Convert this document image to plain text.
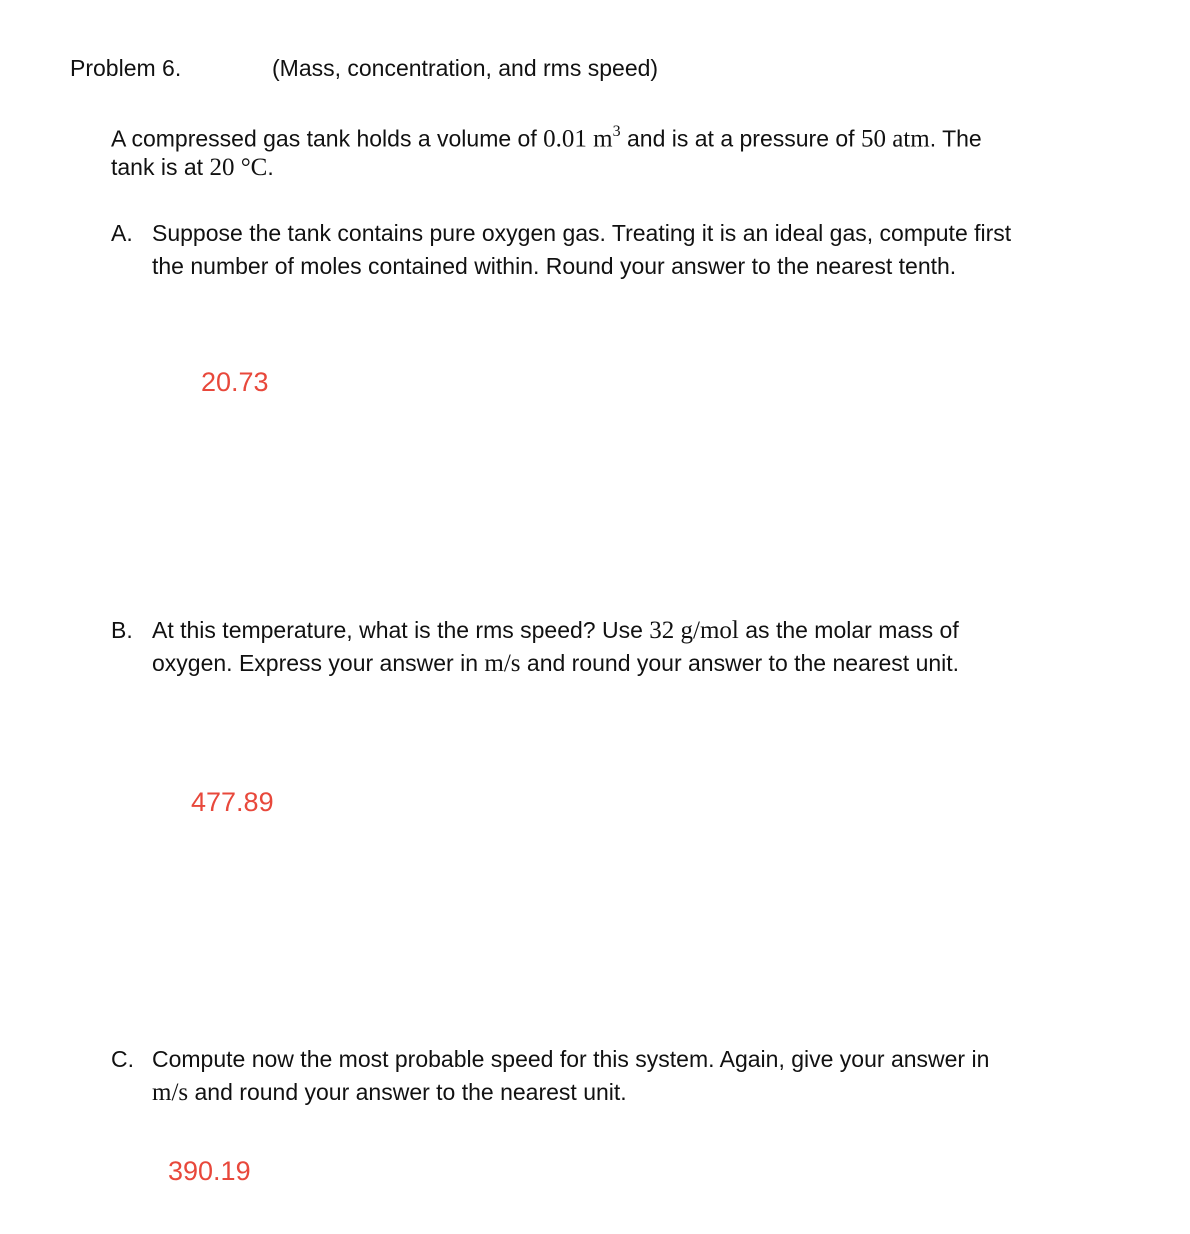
Problem 6.	(Mass, concentration, and rms speed)
A compressed gas tank holds a volume of 0.01 $m^3$ and is at a pressure of 50 atm. The
tank is at 20 °C.
A. Suppose the tank contains pure oxygen gas. Treating it is an ideal gas, compute first
the number of moles contained within. Round your answer to the nearest tenth.
20.73
B. At this temperature, what is the rms speed? Use 32 g/mol as the molar mass of
oxygen. Express your answer in m/s and round your answer to the nearest unit.
477.89
C. Compute now the most probable speed for this system. Again, give your answer in
m/s and round your answer to the nearest unit.
390.19
